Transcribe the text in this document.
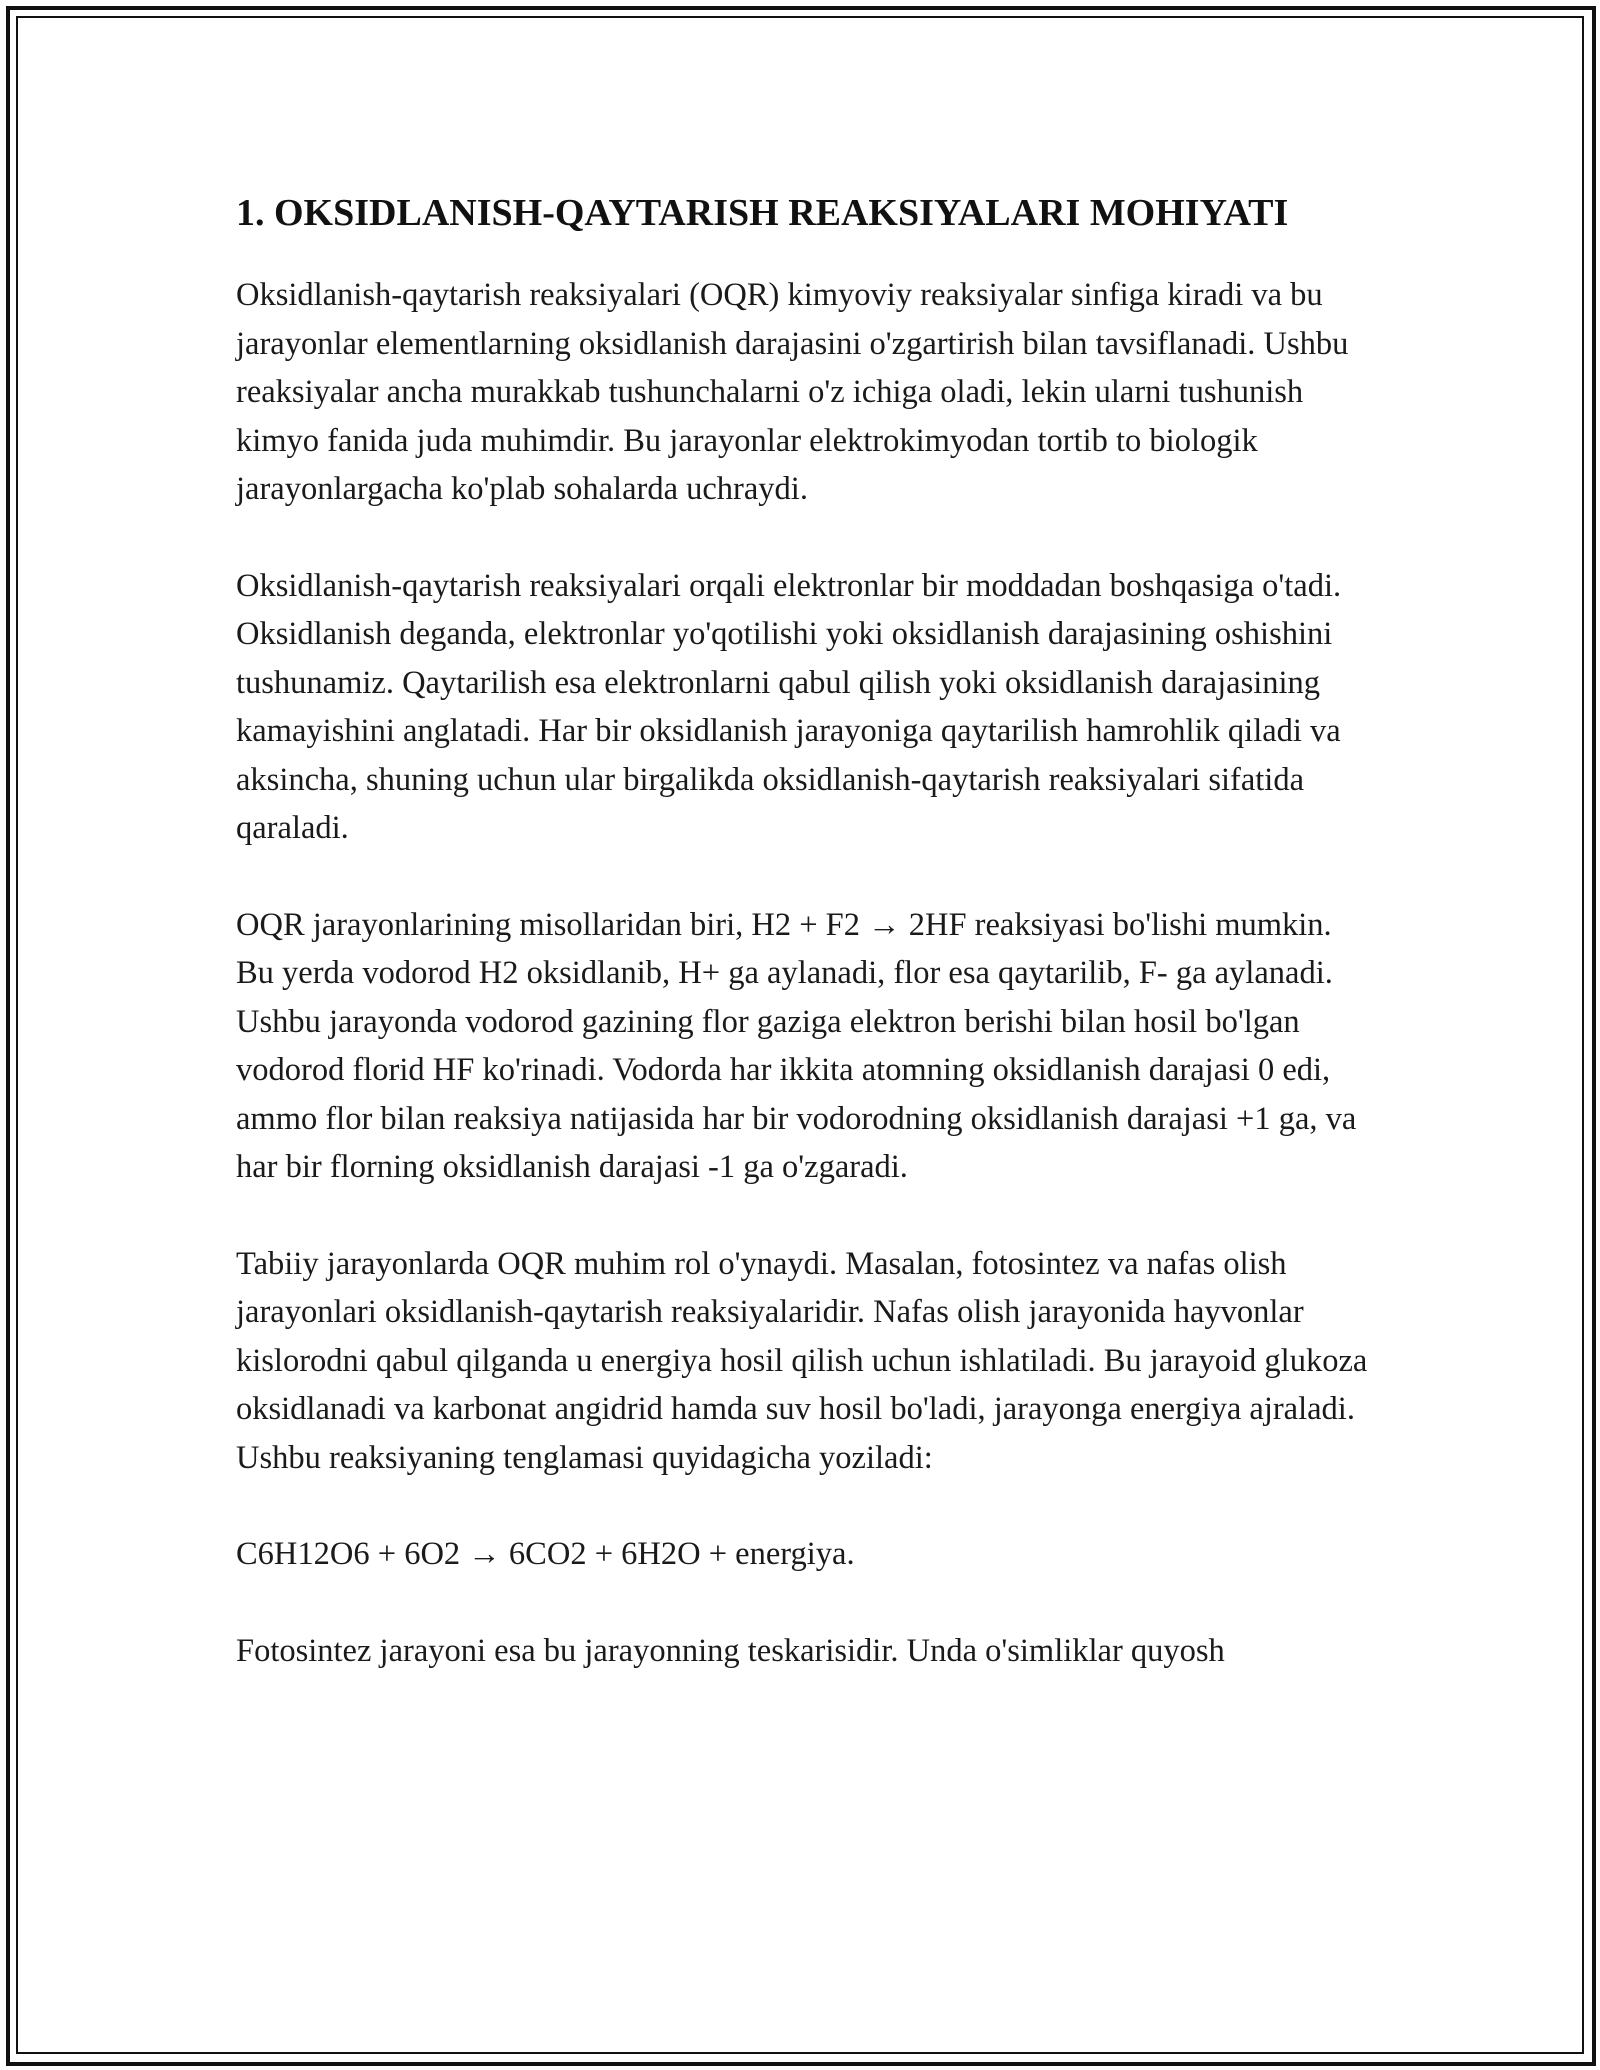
1. OKSIDLANISH-QAYTARISH REAKSIYALARI MOHIYATI

Oksidlanish-qaytarish reaksiyalari (OQR) kimyoviy reaksiyalar sinfiga kiradi va bu jarayonlar elementlarning oksidlanish darajasini o'zgartirish bilan tavsiflanadi. Ushbu reaksiyalar ancha murakkab tushunchalarni o'z ichiga oladi, lekin ularni tushunish kimyo fanida juda muhimdir. Bu jarayonlar elektrokimyodan tortib to biologik jarayonlargacha ko'plab sohalarda uchraydi.

Oksidlanish-qaytarish reaksiyalari orqali elektronlar bir moddadan boshqasiga o'tadi. Oksidlanish deganda, elektronlar yo'qotilishi yoki oksidlanish darajasining oshishini tushunamiz. Qaytarilish esa elektronlarni qabul qilish yoki oksidlanish darajasining kamayishini anglatadi. Har bir oksidlanish jarayoniga qaytarilish hamrohlik qiladi va aksincha, shuning uchun ular birgalikda oksidlanish-qaytarish reaksiyalari sifatida qaraladi.

OQR jarayonlarining misollaridan biri, H2 + F2 → 2HF reaksiyasi bo'lishi mumkin. Bu yerda vodorod H2 oksidlanib, H+ ga aylanadi, flor esa qaytarilib, F- ga aylanadi. Ushbu jarayonda vodorod gazining flor gaziga elektron berishi bilan hosil bo'lgan vodorod florid HF ko'rinadi. Vodorda har ikkita atomning oksidlanish darajasi 0 edi, ammo flor bilan reaksiya natijasida har bir vodorodning oksidlanish darajasi +1 ga, va har bir florning oksidlanish darajasi -1 ga o'zgaradi.

Tabiiy jarayonlarda OQR muhim rol o'ynaydi. Masalan, fotosintez va nafas olish jarayonlari oksidlanish-qaytarish reaksiyalaridir. Nafas olish jarayonida hayvonlar kislorodni qabul qilganda u energiya hosil qilish uchun ishlatiladi. Bu jarayoid glukoza oksidlanadi va karbonat angidrid hamda suv hosil bo'ladi, jarayonga energiya ajraladi. Ushbu reaksiyaning tenglamasi quyidagicha yoziladi:

C6H12O6 + 6O2 → 6CO2 + 6H2O + energiya.

Fotosintez jarayoni esa bu jarayonning teskarisidir. Unda o'simliklar quyosh
